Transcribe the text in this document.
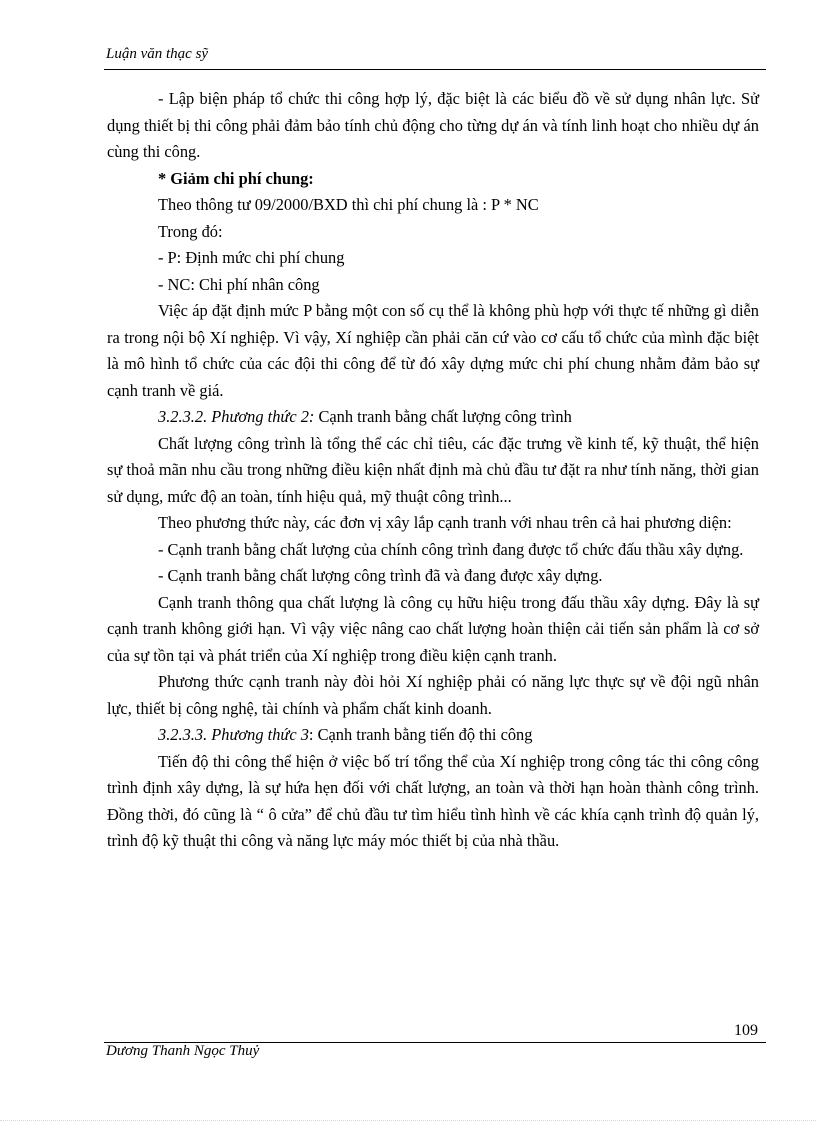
Luận văn thạc sỹ

- Lập biện pháp tổ chức thi công hợp lý, đặc biệt là các biểu đồ về sử dụng nhân lực. Sử dụng thiết bị thi công phải đảm bảo tính chủ động cho từng dự án và tính linh hoạt cho nhiều dự án cùng thi công.

* Giảm chi phí chung:

Theo thông tư 09/2000/BXD thì chi phí chung là : P * NC

Trong đó:

- P: Định mức chi phí chung

- NC: Chi phí nhân công

Việc áp đặt định mức P bằng một con số cụ thể là không phù hợp với thực tế những gì diễn ra trong nội bộ Xí nghiệp. Vì vậy, Xí nghiệp cần phải căn cứ vào cơ cấu tổ chức của mình đặc biệt là mô hình tổ chức của các đội thi công để từ đó xây dựng mức chi phí chung nhằm đảm bảo sự cạnh tranh về giá.

3.2.3.2. Phương thức 2: Cạnh tranh bằng chất lượng công trình

Chất lượng công trình là tổng thể các chỉ tiêu, các đặc trưng về kinh tế, kỹ thuật, thể hiện sự thoả mãn nhu cầu trong những điều kiện nhất định mà chủ đầu tư đặt ra như tính năng, thời gian sử dụng, mức độ an toàn, tính hiệu quả, mỹ thuật công trình...

Theo phương thức này, các đơn vị xây lắp cạnh tranh với nhau trên cả hai phương diện:

- Cạnh tranh bằng chất lượng của chính công trình đang được tổ chức đấu thầu xây dựng.

- Cạnh tranh bằng chất lượng công trình đã và đang được xây dựng.

Cạnh tranh thông qua chất lượng là công cụ hữu hiệu trong đấu thầu xây dựng. Đây là sự cạnh tranh không giới hạn. Vì vậy việc nâng cao chất lượng hoàn thiện cải tiến sản phẩm là cơ sở của sự tồn tại và phát triển của Xí nghiệp trong điều kiện cạnh tranh.

Phương thức cạnh tranh này đòi hỏi Xí nghiệp phải có năng lực thực sự về đội ngũ nhân lực, thiết bị công nghệ, tài chính và phẩm chất kinh doanh.

3.2.3.3. Phương thức 3: Cạnh tranh bằng tiến độ thi công

Tiến độ thi công thể hiện ở việc bố trí tổng thể của Xí nghiệp trong công tác thi công công trình định xây dựng, là sự hứa hẹn đối với chất lượng, an toàn và thời hạn hoàn thành công trình. Đồng thời, đó cũng là “ ô cửa” để chủ đầu tư tìm hiểu tình hình về các khía cạnh trình độ quản lý, trình độ kỹ thuật thi công và năng lực máy móc thiết bị của nhà thầu.

109
Dương Thanh Ngọc Thuỷ
